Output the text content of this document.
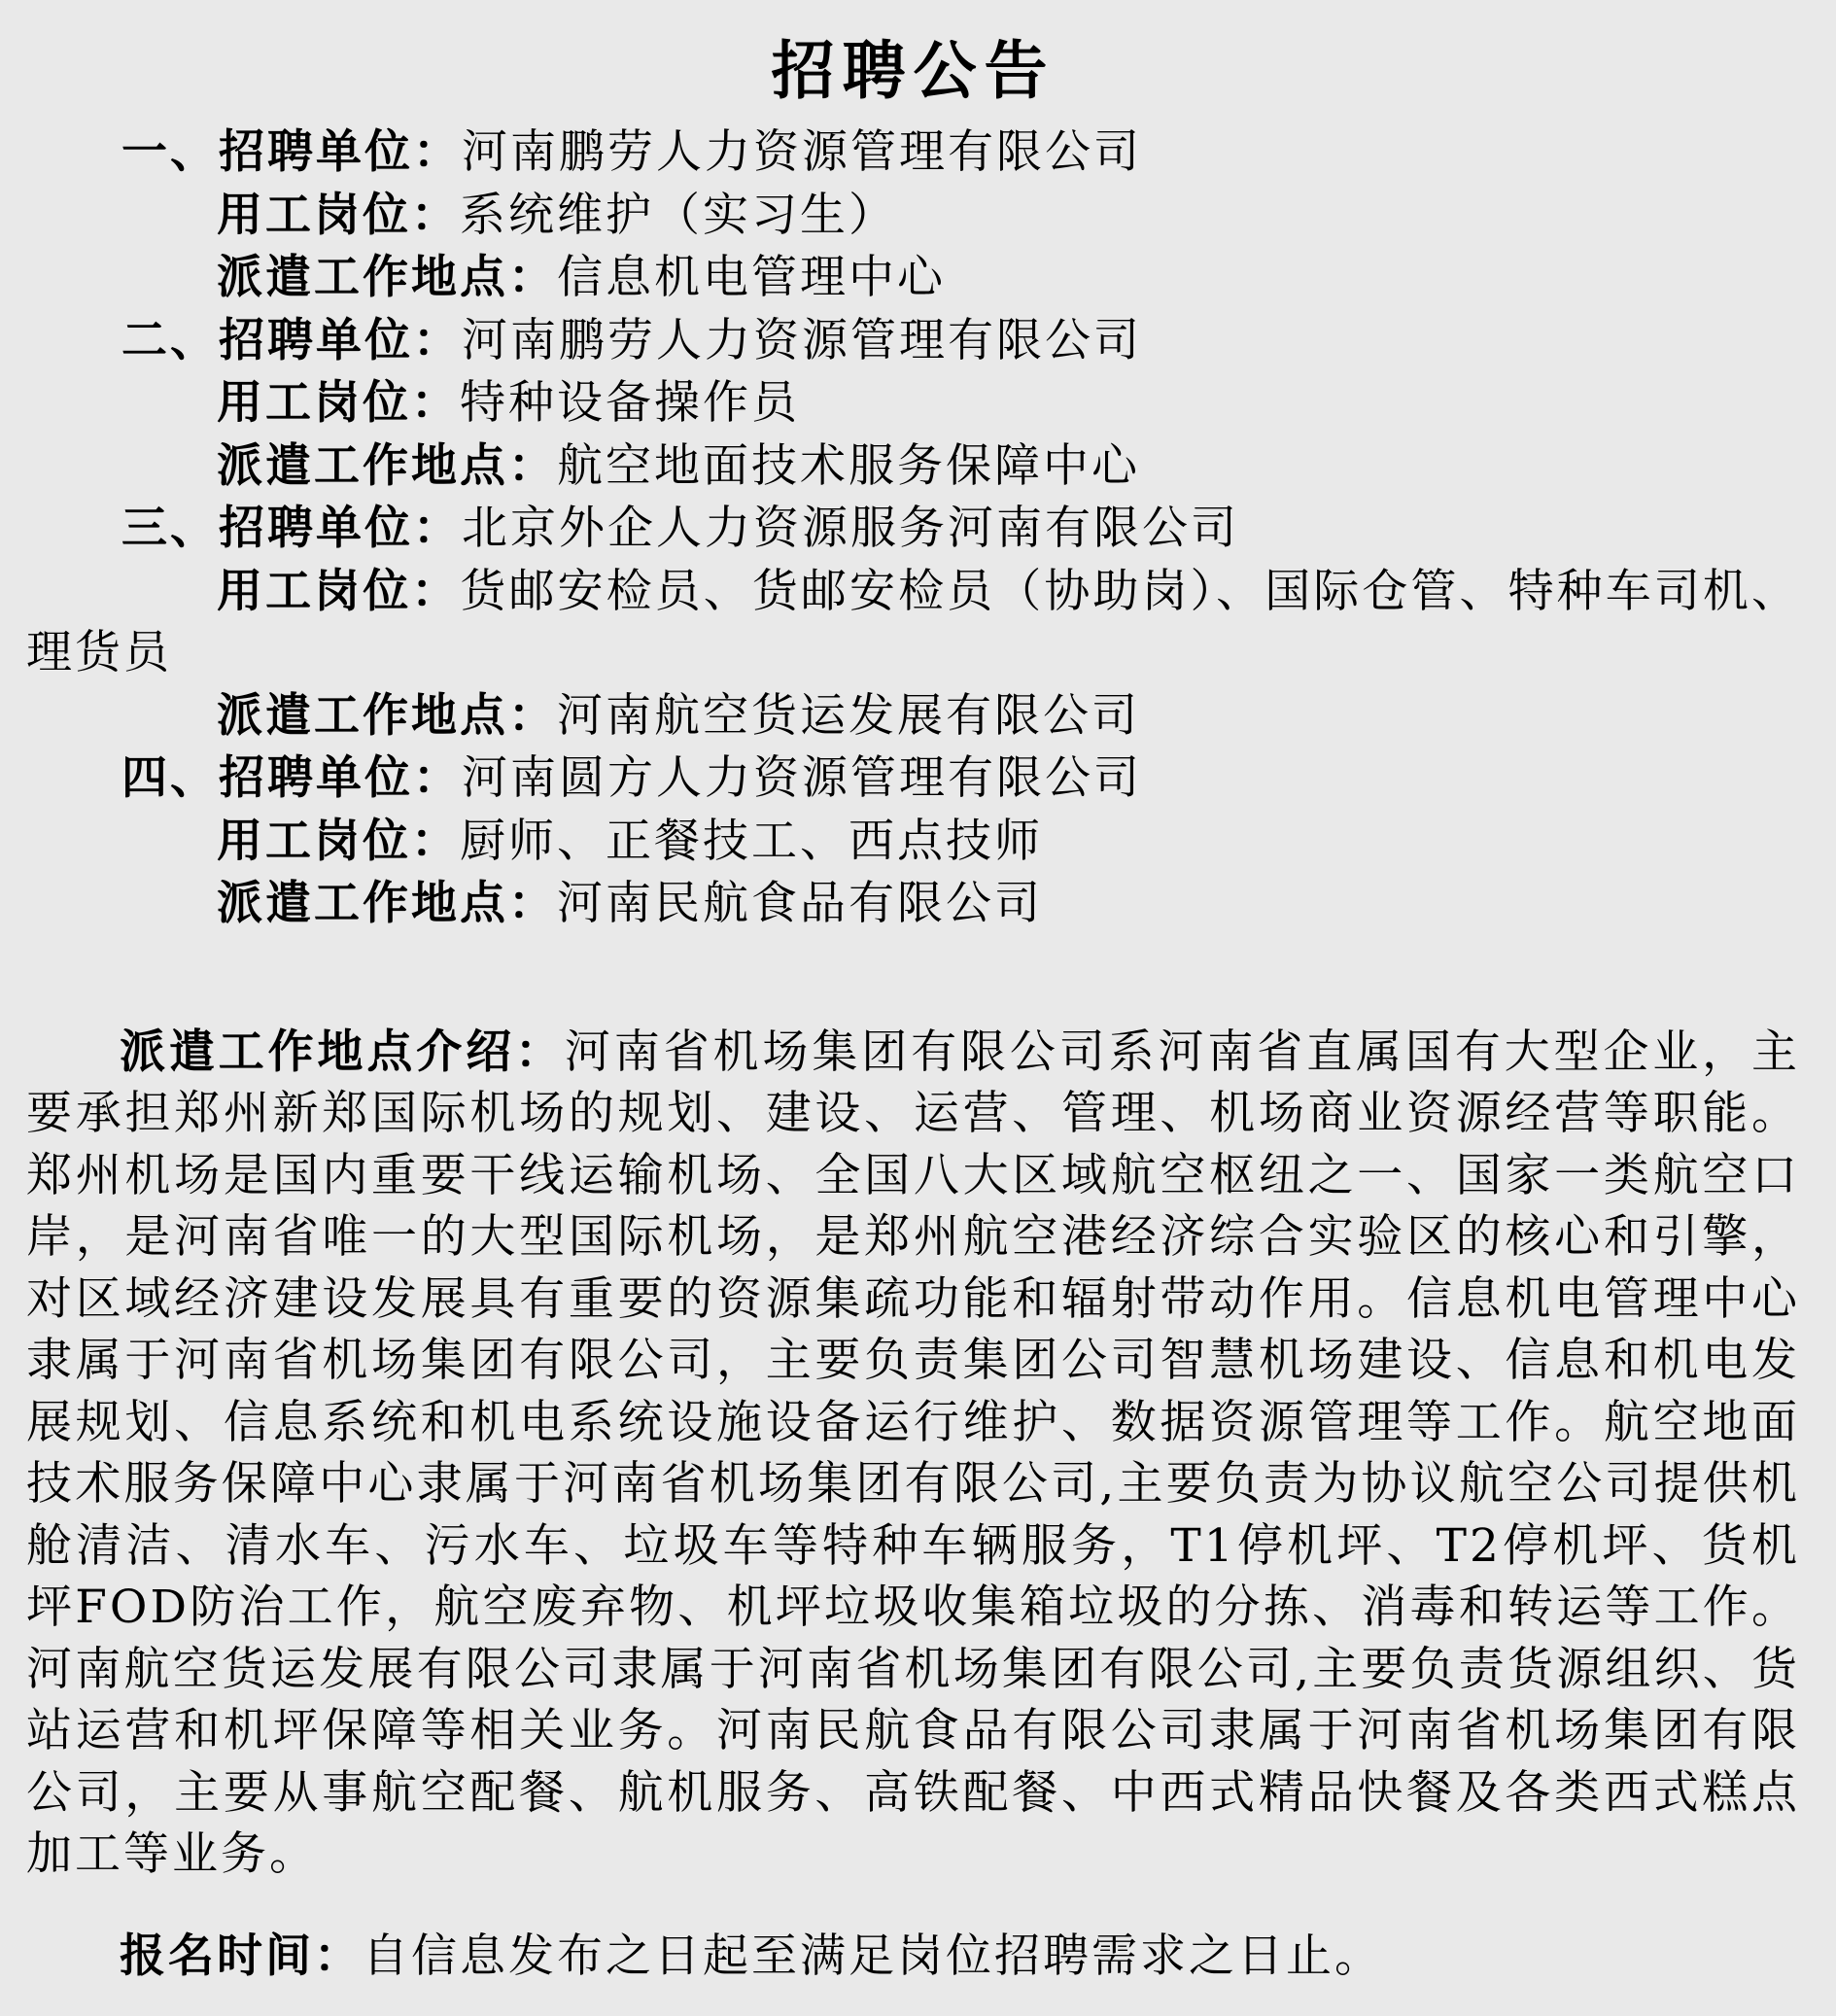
招聘公告

一、招聘单位：河南鹏劳人力资源管理有限公司

用工岗位：系统维护（实习生）

派遣工作地点：信息机电管理中心

二、招聘单位：河南鹏劳人力资源管理有限公司

用工岗位：特种设备操作员

派遣工作地点：航空地面技术服务保障中心

三、招聘单位：北京外企人力资源服务河南有限公司

用工岗位：货邮安检员、货邮安检员（协助岗）、国际仓管、特种车司机、理货员

派遣工作地点：河南航空货运发展有限公司

四、招聘单位：河南圆方人力资源管理有限公司

用工岗位：厨师、正餐技工、西点技师

派遣工作地点：河南民航食品有限公司

派遣工作地点介绍：河南省机场集团有限公司系河南省直属国有大型企业，主要承担郑州新郑国际机场的规划、建设、运营、管理、机场商业资源经营等职能。郑州机场是国内重要干线运输机场、全国八大区域航空枢纽之一、国家一类航空口岸，是河南省唯一的大型国际机场，是郑州航空港经济综合实验区的核心和引擎，对区域经济建设发展具有重要的资源集疏功能和辐射带动作用。信息机电管理中心隶属于河南省机场集团有限公司，主要负责集团公司智慧机场建设、信息和机电发展规划、信息系统和机电系统设施设备运行维护、数据资源管理等工作。航空地面技术服务保障中心隶属于河南省机场集团有限公司,主要负责为协议航空公司提供机舱清洁、清水车、污水车、垃圾车等特种车辆服务，T1停机坪、T2停机坪、货机坪FOD防治工作，航空废弃物、机坪垃圾收集箱垃圾的分拣、消毒和转运等工作。河南航空货运发展有限公司隶属于河南省机场集团有限公司,主要负责货源组织、货站运营和机坪保障等相关业务。河南民航食品有限公司隶属于河南省机场集团有限公司，主要从事航空配餐、航机服务、高铁配餐、中西式精品快餐及各类西式糕点加工等业务。

报名时间：自信息发布之日起至满足岗位招聘需求之日止。
